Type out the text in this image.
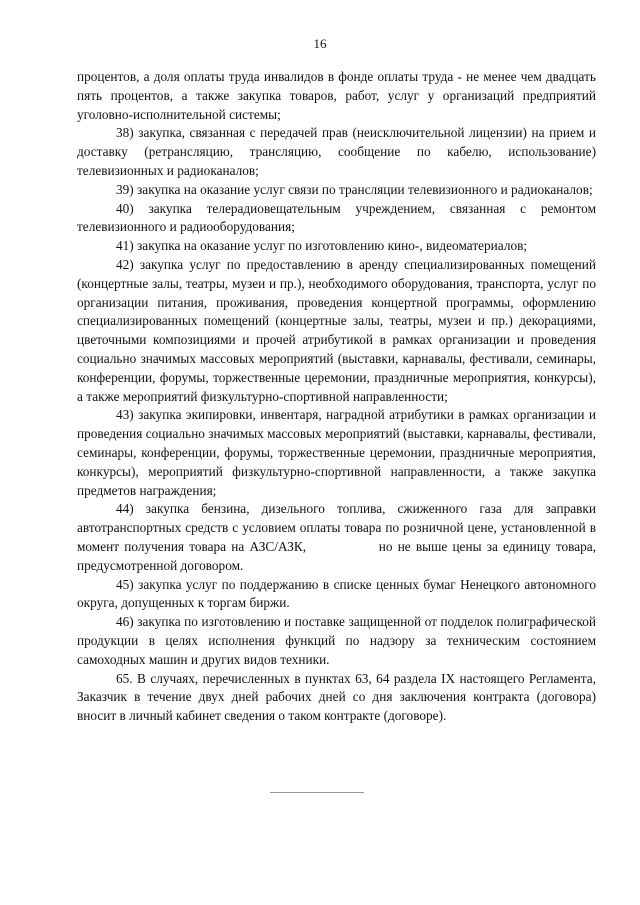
16

процентов, а доля оплаты труда инвалидов в фонде оплаты труда - не менее чем двадцать пять процентов, а также закупка товаров, работ, услуг у организаций предприятий уголовно-исполнительной системы;

38) закупка, связанная с передачей прав (неисключительной лицензии) на прием и доставку (ретрансляцию, трансляцию, сообщение по кабелю, использование) телевизионных и радиоканалов;

39) закупка на оказание услуг связи по трансляции телевизионного и радиоканалов;

40) закупка телерадиовещательным учреждением, связанная с ремонтом телевизионного и радиооборудования;

41) закупка на оказание услуг по изготовлению кино-, видеоматериалов;

42) закупка услуг по предоставлению в аренду специализированных помещений (концертные залы, театры, музеи и пр.), необходимого оборудования, транспорта, услуг по организации питания, проживания, проведения концертной программы, оформлению специализированных помещений (концертные залы, театры, музеи и пр.) декорациями, цветочными композициями и прочей атрибутикой в рамках организации и проведения социально значимых массовых мероприятий (выставки, карнавалы, фестивали, семинары, конференции, форумы, торжественные церемонии, праздничные мероприятия, конкурсы), а также мероприятий физкультурно-спортивной направленности;

43) закупка экипировки, инвентаря, наградной атрибутики в рамках организации и проведения социально значимых массовых мероприятий (выставки, карнавалы, фестивали, семинары, конференции, форумы, торжественные церемонии, праздничные мероприятия, конкурсы), мероприятий физкультурно-спортивной направленности, а также закупка предметов награждения;

44) закупка бензина, дизельного топлива, сжиженного газа для заправки автотранспортных средств с условием оплаты товара по розничной цене, установленной в момент получения товара на АЗС/АЗК,              но не выше цены за единицу товара, предусмотренной договором.

45) закупка услуг по поддержанию в списке ценных бумаг Ненецкого автономного округа, допущенных к торгам биржи.

46) закупка по изготовлению и поставке защищенной от подделок полиграфической продукции в целях исполнения функций по надзору за техническим состоянием самоходных машин и других видов техники.

65. В случаях, перечисленных в пунктах 63, 64 раздела IX настоящего Регламента, Заказчик в течение двух дней рабочих дней со дня заключения контракта (договора) вносит в личный кабинет сведения о таком контракте (договоре).
